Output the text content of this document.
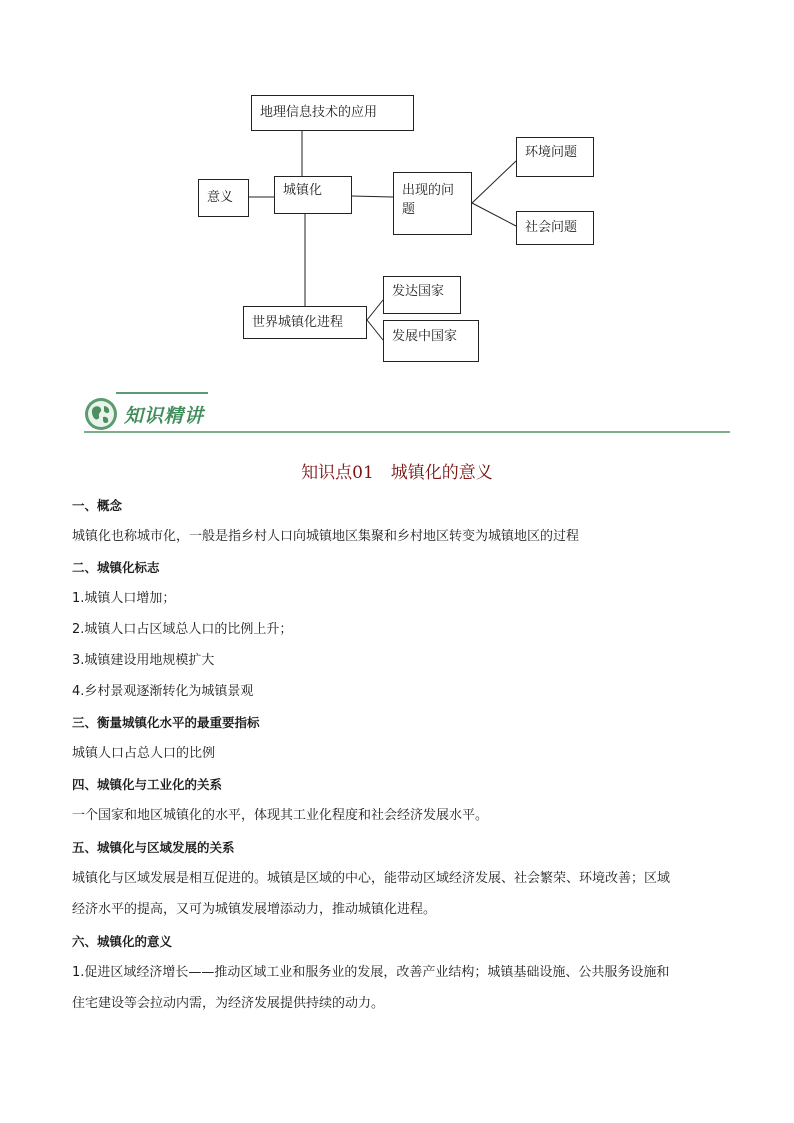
地理信息技术的应用
意义	城镇化	出现的问题
环境问题
社会问题
世界城镇化进程
发达国家
发展中国家
知识精讲
知识点01　城镇化的意义
一、概念
城镇化也称城市化，一般是指乡村人口向城镇地区集聚和乡村地区转变为城镇地区的过程
二、城镇化标志
1.城镇人口增加；
2.城镇人口占区域总人口的比例上升；
3.城镇建设用地规模扩大
4.乡村景观逐渐转化为城镇景观
三、衡量城镇化水平的最重要指标
城镇人口占总人口的比例
四、城镇化与工业化的关系
一个国家和地区城镇化的水平，体现其工业化程度和社会经济发展水平。
五、城镇化与区域发展的关系
城镇化与区域发展是相互促进的。城镇是区域的中心，能带动区域经济发展、社会繁荣、环境改善；区域
经济水平的提高，又可为城镇发展增添动力，推动城镇化进程。
六、城镇化的意义
1.促进区域经济增长——推动区域工业和服务业的发展，改善产业结构；城镇基础设施、公共服务设施和
住宅建设等会拉动内需，为经济发展提供持续的动力。
